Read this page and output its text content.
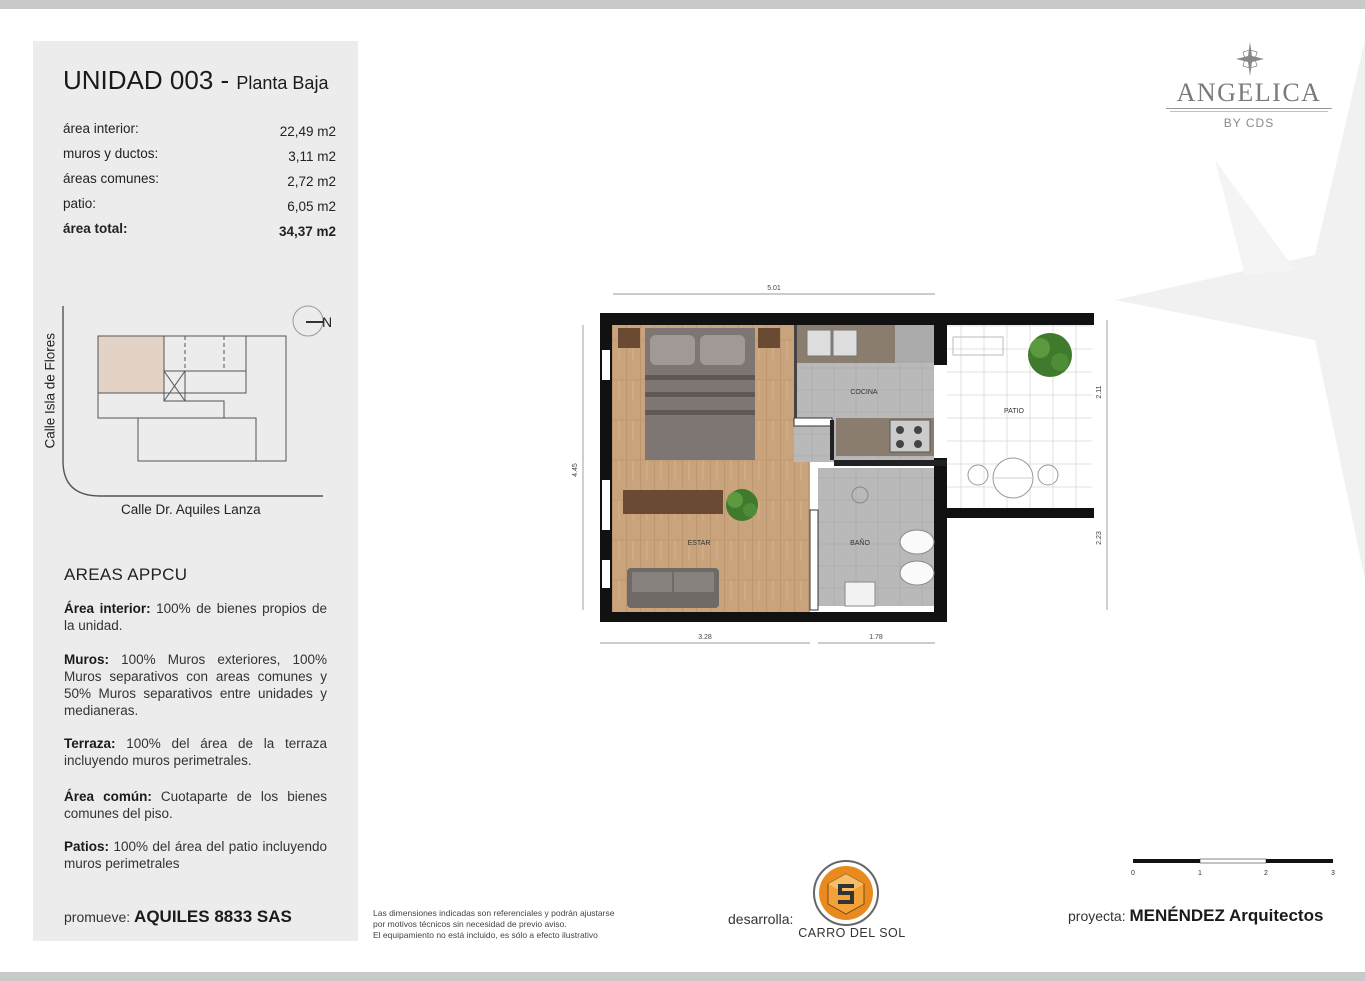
UNIDAD 003 - Planta Baja
área interior:	22,49 m2
muros y ductos:	3,11 m2
áreas comunes:	2,72 m2
patio:	6,05 m2
área total:	34,37 m2
N
Calle Isla de Flores
Calle Dr. Aquiles Lanza
AREAS APPCU
Área interior: 100% de bienes propios de la unidad.
Muros: 100% Muros exteriores, 100% Muros separativos con areas comunes y 50% Muros separativos entre unidades y medianeras.
Terraza: 100% del área de la terraza incluyendo muros perimetrales.
Área común: Cuotaparte de los bienes comunes del piso.
Patios: 100% del área del patio incluyendo muros perimetrales
promueve: AQUILES 8833 SAS
ANGELICA
BY CDS
5.01
4.45
3.28	1.78
2.11
2.23
COCINA
ESTAR	BAÑO
PATIO
0	1	2	3
Las dimensiones indicadas son referenciales y podrán ajustarse
por motivos técnicos sin necesidad de previo aviso.
El equipamiento no está incluido, es sólo a efecto ilustrativo
desarrolla:
CARRO DEL SOL
proyecta: MENÉNDEZ Arquitectos
